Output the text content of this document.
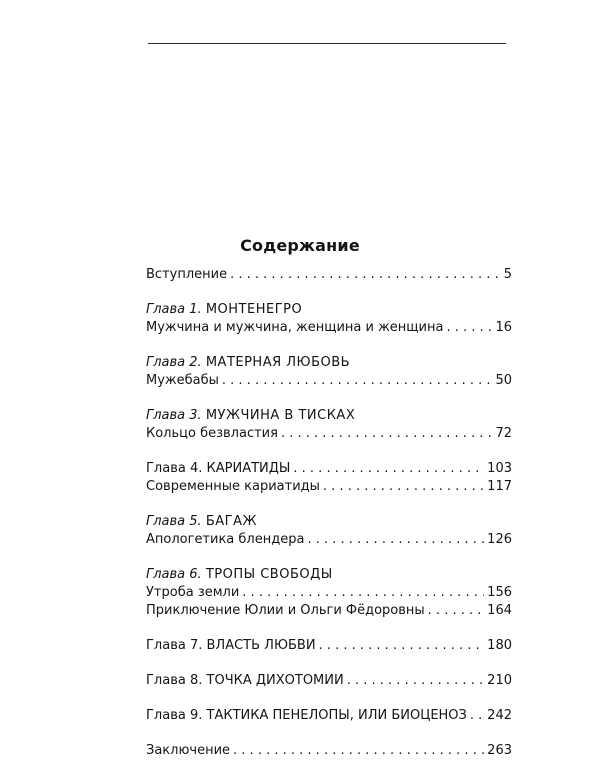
Содержание
Вступление . . .	5
Глава 1. МОНТЕНЕГРО
Мужчина и мужчина, женщина и женщина . . .	16
Глава 2. МАТЕРНАЯ ЛЮБОВЬ
Мужебабы . . .	50
Глава 3. МУЖЧИНА В ТИСКАХ
Кольцо безвластия . . .	72
Глава 4. КАРИАТИДЫ . . .	103
Современные кариатиды . . .	117
Глава 5. БАГАЖ
Апологетика блендера . . .	126
Глава 6. ТРОПЫ СВОБОДЫ
Утроба земли . . .	156
Приключение Юлии и Ольги Фёдоровны . . .	164
Глава 7. ВЛАСТЬ ЛЮБВИ . . .	180
Глава 8. ТОЧКА ДИХОТОМИИ . . .	210
Глава 9. ТАКТИКА ПЕНЕЛОПЫ, ИЛИ БИОЦЕНОЗ . . . 242
Заключение . . .	263
